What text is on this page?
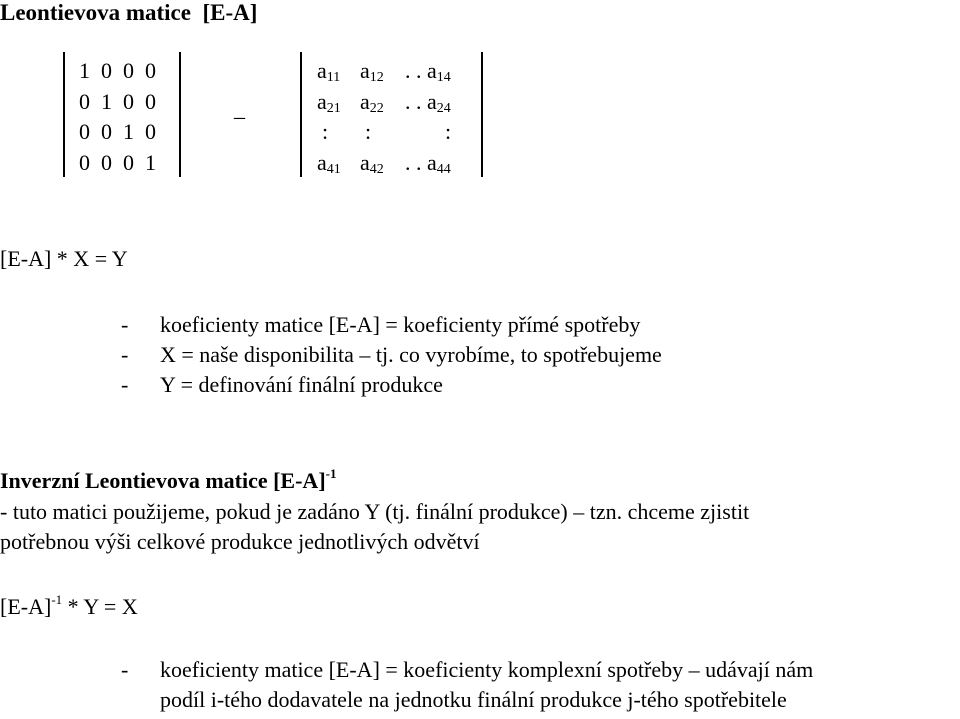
Leontievova matice [E-A]
1  0  0  0
0  1  0  0
0  0  1  0
0  0  0  1
_
$a_{11}$ $a_{12}$ . . $a_{14}$
$a_{21}$ $a_{22}$ . . $a_{24}$
: :	:
$a_{41}$ $a_{42}$ . . $a_{44}$
[E-A] * X = Y
- koeficienty matice [E-A] = koeficienty přímé spotřeby
- X = naše disponibilita – tj. co vyrobíme, to spotřebujeme
- Y = definování finální produkce
Inverzní Leontievova matice $[E-A]^{-1}$
- tuto matici použijeme, pokud je zadáno Y (tj. finální produkce) – tzn. chceme zjistit
potřebnou výši celkové produkce jednotlivých odvětví
$[E-A]^{-1} * Y = X$
- koeficienty matice [E-A] = koeficienty komplexní spotřeby – udávají nám
podíl i-tého dodavatele na jednotku finální produkce j-tého spotřebitele
